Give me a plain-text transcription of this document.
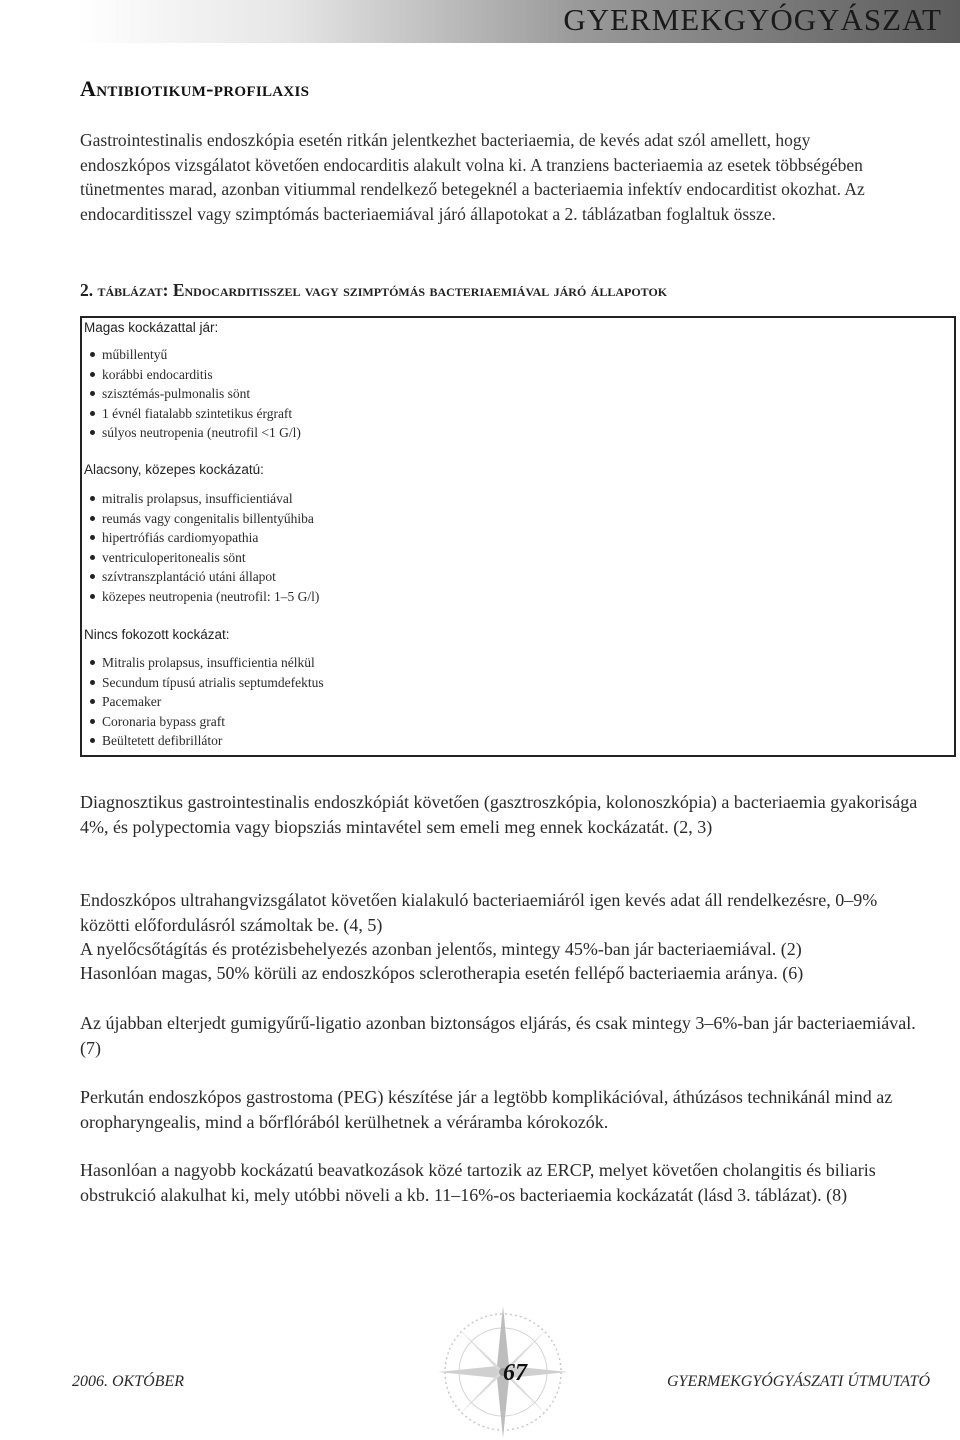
GYERMEKGYÓGYÁSZAT
Antibiotikum-profilaxis
Gastrointestinalis endoszkópia esetén ritkán jelentkezhet bacteriaemia, de kevés adat szól amellett, hogy endoszkópos vizsgálatot követően endocarditis alakult volna ki. A tranziens bacteriaemia az esetek többségében tünetmentes marad, azonban vitiummal rendelkező betegeknél a bacteriaemia infektív endocarditist okozhat. Az endocarditisszel vagy szimptómás bacteriaemiával járó állapotokat a 2. táblázatban foglaltuk össze.
2. táblázat: Endocarditisszel vagy szimptómás bacteriaemiával járó állapotok
Magas kockázattal jár:
műbillentyű
korábbi endocarditis
szisztémás-pulmonalis sönt
1 évnél fiatalabb szintetikus érgraft
súlyos neutropenia (neutrofil <1 G/l)
Alacsony, közepes kockázatú:
mitralis prolapsus, insufficientiával
reumás vagy congenitalis billentyűhiba
hipertrófiás cardiomyopathia
ventriculoperitonealis sönt
szívtranszplantáció utáni állapot
közepes neutropenia (neutrofil: 1–5 G/l)
Nincs fokozott kockázat:
Mitralis prolapsus, insufficientia nélkül
Secundum típusú atrialis septumdefektus
Pacemaker
Coronaria bypass graft
Beültetett defibrillátor
Diagnosztikus gastrointestinalis endoszkópiát követően (gasztroszkópia, kolonoszkópia) a bacteriaemia gyakorisága 4%, és polypectomia vagy biopsziás mintavétel sem emeli meg ennek kockázatát. (2, 3)
Endoszkópos ultrahangvizsgálatot követően kialakuló bacteriaemiáról igen kevés adat áll rendelkezésre, 0–9% közötti előfordulásról számoltak be. (4, 5)
A nyelőcsőtágítás és protézisbehelyezés azonban jelentős, mintegy 45%-ban jár bacteriaemiával. (2)
Hasonlóan magas, 50% körüli az endoszkópos sclerotherapia esetén fellépő bacteriaemia aránya. (6)
Az újabban elterjedt gumigyűrű-ligatio azonban biztonságos eljárás, és csak mintegy 3–6%-ban jár bacteriaemiával. (7)
Perkután endoszkópos gastrostoma (PEG) készítése jár a legtöbb komplikációval, áthúzásos technikánál mind az oropharyngealis, mind a bőrflórából kerülhetnek a véráramba kórokozók.
Hasonlóan a nagyobb kockázatú beavatkozások közé tartozik az ERCP, melyet követően cholangitis és biliaris obstrukció alakulhat ki, mely utóbbi növeli a kb. 11–16%-os bacteriaemia kockázatát (lásd 3. táblázat). (8)
67
2006. OKTÓBER	GYERMEKGYÓGYÁSZATI ÚTMUTATÓ
